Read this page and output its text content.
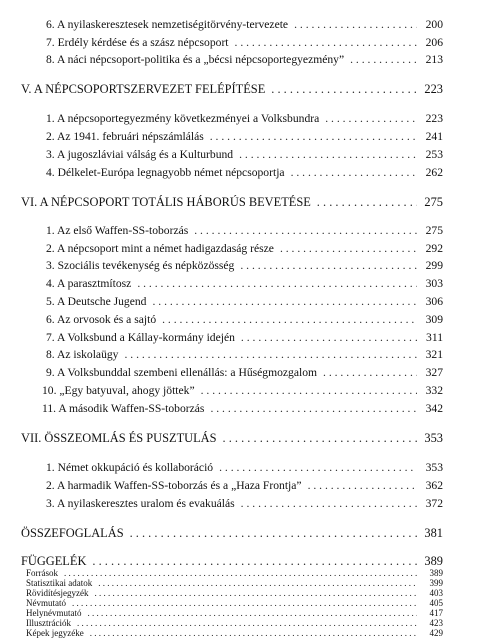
6. A nyilaskeresztesek nemzetiségitörvény-tervezete . . .	200
7. Erdély kérdése és a szász népcsoport . . .	206
8. A náci népcsoport-politika és a „bécsi népcsoportegyezmény” . . .	213
V. A NÉPCSOPORTSZERVEZET FELÉPÍTÉSE . . .	223
1. A népcsoportegyezmény következményei a Volksbundra . . .	223
2. Az 1941. februári népszámlálás . . .	241
3. A jugoszláviai válság és a Kulturbund . . .	253
4. Délkelet-Európa legnagyobb német népcsoportja . . .	262
VI. A NÉPCSOPORT TOTÁLIS HÁBORÚS BEVETÉSE . . .	275
1. Az első Waffen-SS-toborzás . . .	275
2. A népcsoport mint a német hadigazdaság része . . .	292
3. Szociális tevékenység és népközösség . . .	299
4. A parasztmítosz . . .	303
5. A Deutsche Jugend . . .	306
6. Az orvosok és a sajtó . . .	309
7. A Volksbund a Kállay-kormány idején . . .	311
8. Az iskolaügy . . .	321
9. A Volksbunddal szembeni ellenállás: a Hűségmozgalom . . .	327
10. „Egy batyuval, ahogy jöttek” . . .	332
11. A második Waffen-SS-toborzás . . .	342
VII. ÖSSZEOMLÁS ÉS PUSZTULÁS . . .	353
1. Német okkupáció és kollaboráció . . .	353
2. A harmadik Waffen-SS-toborzás és a „Haza Frontja” . . .	362
3. A nyilaskeresztes uralom és evakuálás . . .	372
ÖSSZEFOGLALÁS . . .	381
FÜGGELÉK . . .	389
Források . . .	389
Statisztikai adatok . . .	399
Rövidítésjegyzék . . .	403
Névmutató . . .	405
Helynévmutató . . .	417
Illusztrációk . . .	423
Képek jegyzéke . . .	429
